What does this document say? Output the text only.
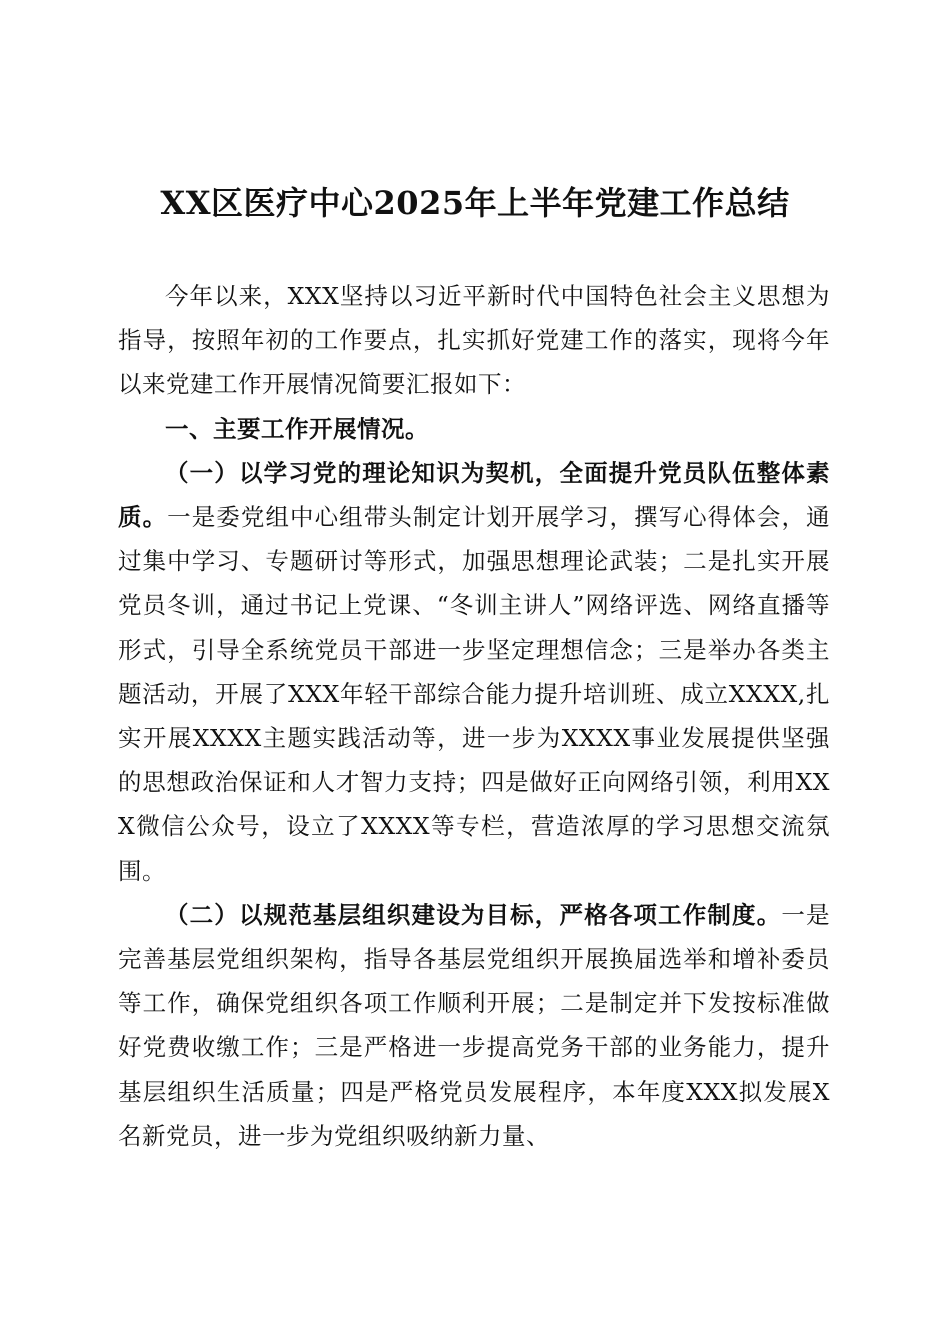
XX区医疗中心2025年上半年党建工作总结

今年以来，XXX坚持以习近平新时代中国特色社会主义思想为指导，按照年初的工作要点，扎实抓好党建工作的落实，现将今年以来党建工作开展情况简要汇报如下：

一、主要工作开展情况。

（一）以学习党的理论知识为契机，全面提升党员队伍整体素质。一是委党组中心组带头制定计划开展学习，撰写心得体会，通过集中学习、专题研讨等形式，加强思想理论武装；二是扎实开展党员冬训，通过书记上党课、“冬训主讲人”网络评选、网络直播等形式，引导全系统党员干部进一步坚定理想信念；三是举办各类主题活动，开展了XXX年轻干部综合能力提升培训班、成立XXXX,扎实开展XXXX主题实践活动等，进一步为XXXX事业发展提供坚强的思想政治保证和人才智力支持；四是做好正向网络引领，利用XXX微信公众号，设立了XXXX等专栏，营造浓厚的学习思想交流氛围。

（二）以规范基层组织建设为目标，严格各项工作制度。一是完善基层党组织架构，指导各基层党组织开展换届选举和增补委员等工作，确保党组织各项工作顺利开展；二是制定并下发按标准做好党费收缴工作；三是严格进一步提高党务干部的业务能力，提升基层组织生活质量；四是严格党员发展程序，本年度XXX拟发展X名新党员，进一步为党组织吸纳新力量、
